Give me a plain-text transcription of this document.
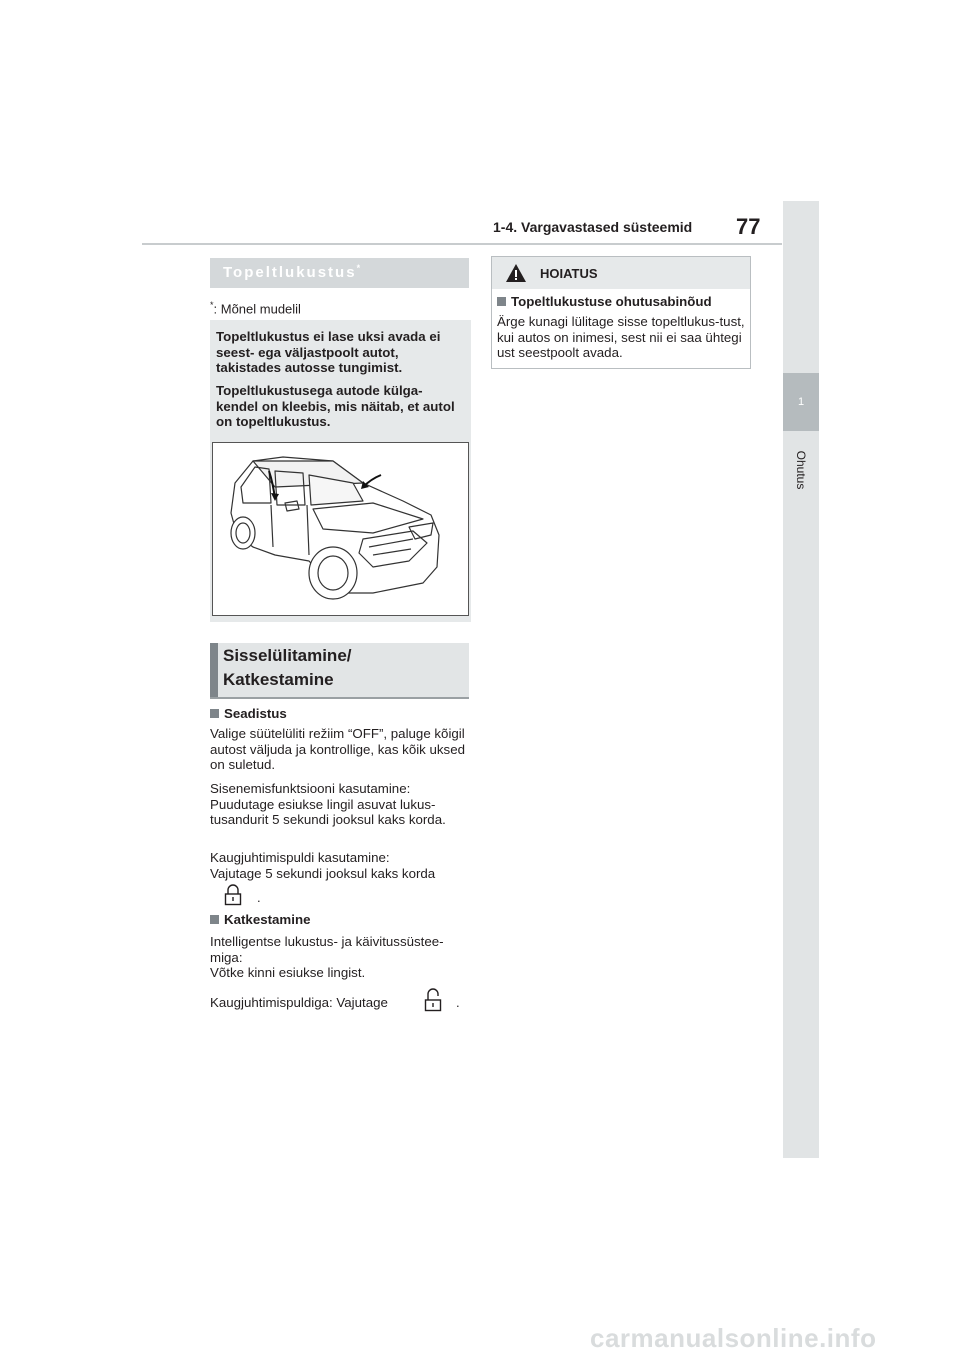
1-4. Vargavastased süsteemid 77
1
Ohutus
Topeltlukustus*
*: Mõnel mudelil

Topeltlukustus ei lase uksi avada ei seest- ega väljastpoolt autot, takistades autosse tungimist.

Topeltlukustusega autode külga-kendel on kleebis, mis näitab, et autol on topeltlukustus.

Sisselülitamine/
Katkestamine

Seadistus

Valige süütelüliti režiim “OFF”, paluge kõigil autost väljuda ja kontrollige, kas kõik uksed on suletud.

Sisenemisfunktsiooni kasutamine:

Puudutage esiukse lingil asuvat lukus-tusandurit 5 sekundi jooksul kaks korda.

Kaugjuhtimispuldi kasutamine:

Vajutage 5 sekundi jooksul kaks korda

.

Katkestamine

Intelligentse lukustus- ja käivitussüstee-miga:

Võtke kinni esiukse lingist.

Kaugjuhtimispuldiga: Vajutage	.
HOIATUS
Topeltlukustuse ohutusabinõud
Ärge kunagi lülitage sisse topeltlukus-tust, kui autos on inimesi, sest nii ei saa ühtegi ust seestpoolt avada.
carmanualsonline.info
